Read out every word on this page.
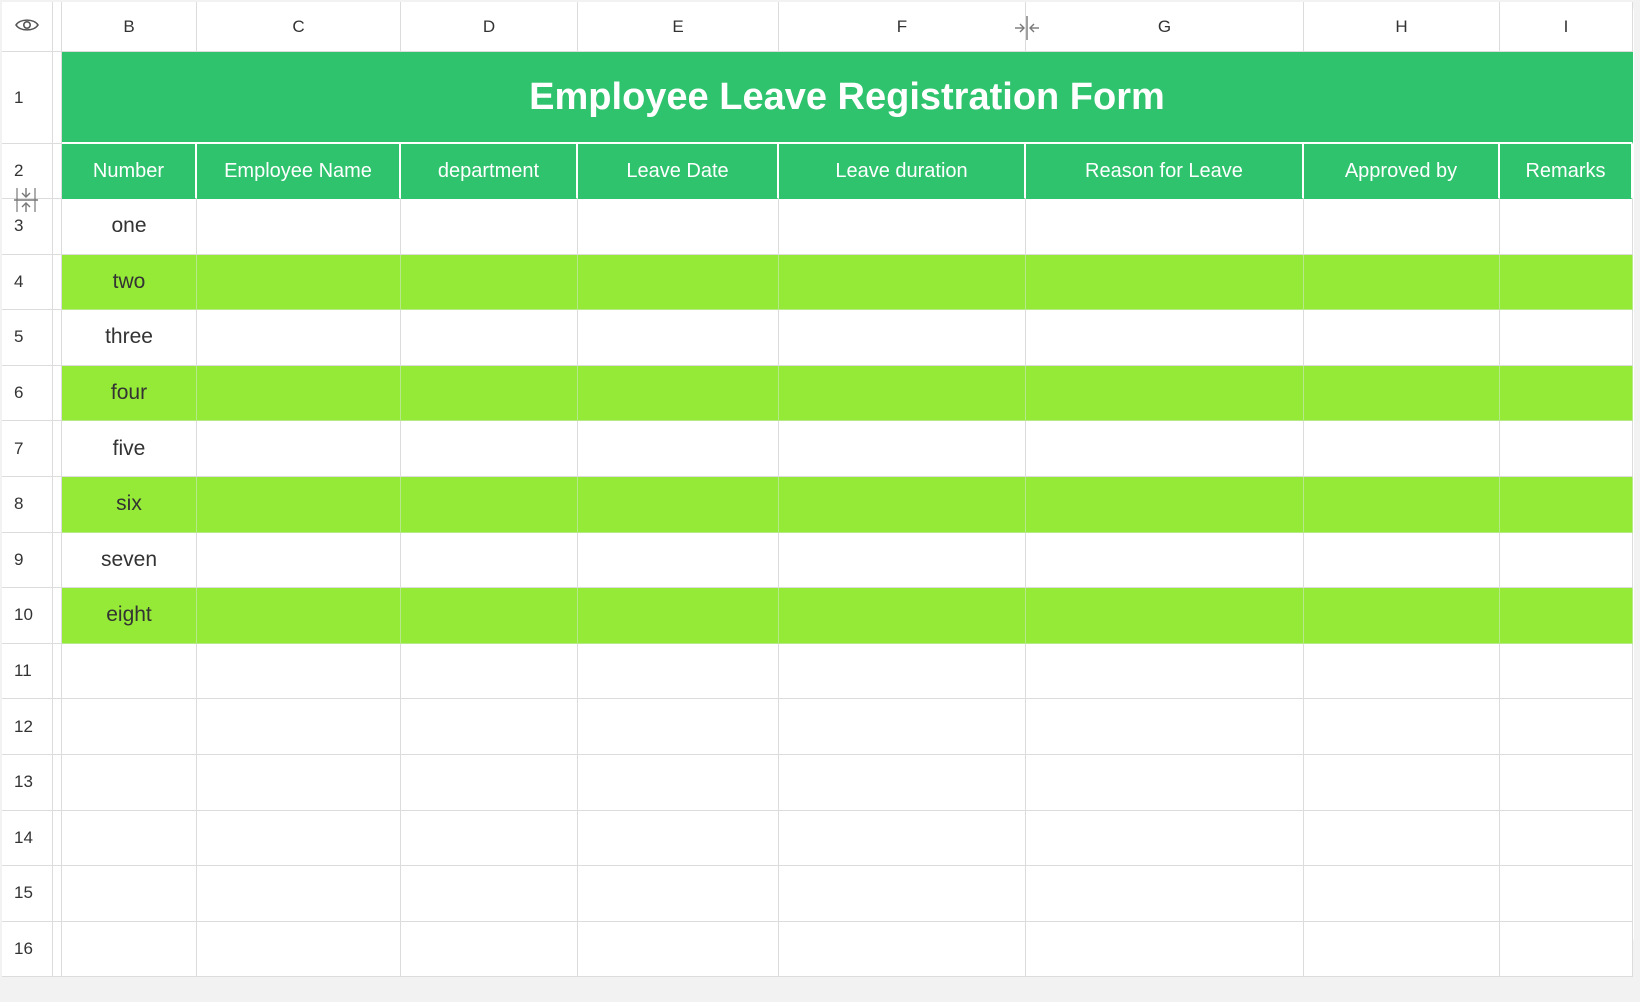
B	C	D	E	F	G	H	I
1	Employee Leave Registration Form
2	Number	Employee Name	department	Leave Date	Leave duration	Reason for Leave	Approved by	Remarks
3	one
4	two
5	three
6	four
7	five
8	six
9	seven
10	eight
11
12
13
14
15
16
